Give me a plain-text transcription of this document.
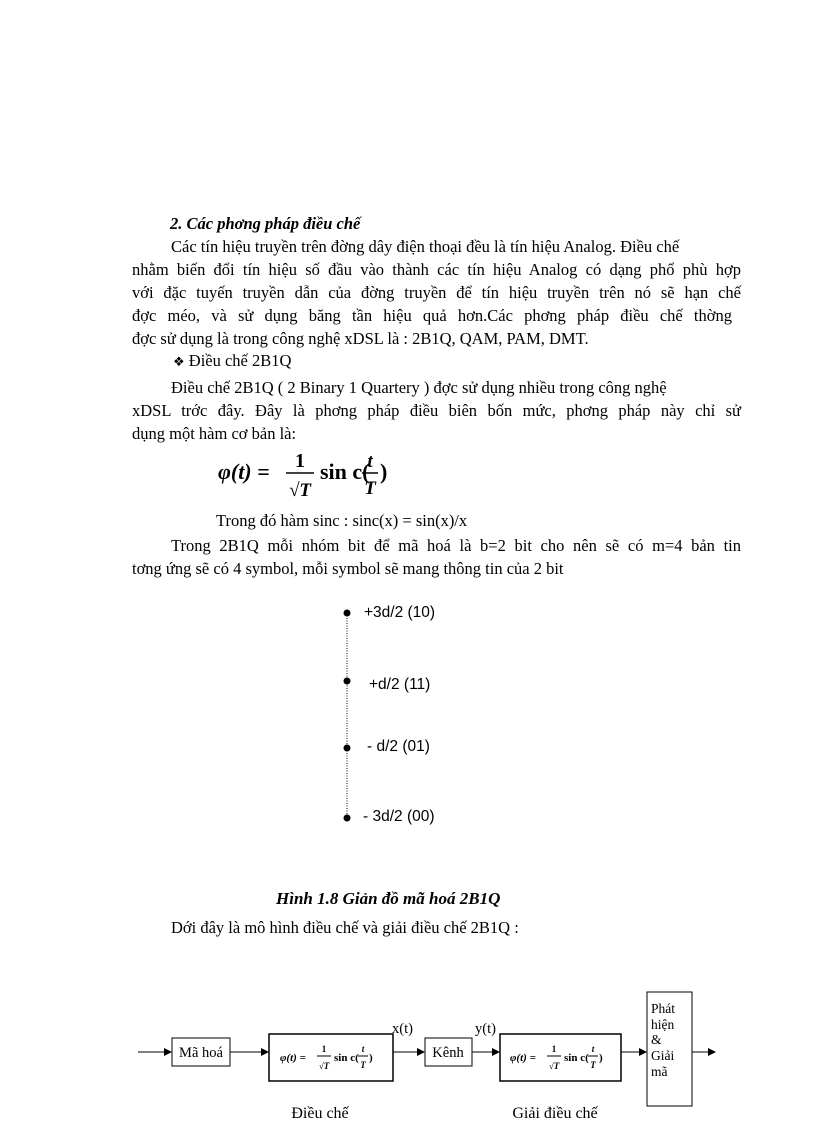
2. Các phơng pháp điều chế
Các tín hiệu truyền trên đờng dây điện thoại đều là tín hiệu Analog. Điều chế
nhằm biến đổi tín hiệu số đầu vào thành các tín hiệu Analog có dạng phổ phù hợp
với đặc tuyến truyền dẫn của đờng truyền để tín hiệu truyền trên nó sẽ hạn chế
đợc méo, và sử dụng băng tần hiệu quả hơn.Các phơng pháp điều chế thờng
đợc sử dụng là trong công nghệ xDSL là : 2B1Q, QAM, PAM, DMT.
❖ Điều chế 2B1Q
Điều chế 2B1Q ( 2 Binary 1 Quartery ) đợc sử dụng nhiều trong công nghệ
xDSL trớc đây. Đây là phơng pháp điều biên bốn mức, phơng pháp này chỉ sử
dụng một hàm cơ bản là:
φ(t) = 1
√T
sin c(
t
T
)
Trong đó hàm sinc : sinc(x) = sin(x)/x
Trong 2B1Q mỗi nhóm bit để mã hoá là b=2 bit cho nên sẽ có m=4 bản tin
tơng ứng sẽ có 4 symbol, mỗi symbol sẽ mang thông tin của 2 bit
+3d/2 (10)
+d/2 (11)
- d/2 (01)
- 3d/2 (00)
Hình 1.8 Giản đồ mã hoá 2B1Q
Dới đây là mô hình điều chế và giải điều chế 2B1Q :
Mã hoá	φ(t) =
1
√T
sin c(
t
T
)
x(t)
Kênh
y(t)
φ(t) =
1
√T
sin c(
t
T
)
Phát
hiện
&
Giải
mã
Điều chế	Giải điều chế
